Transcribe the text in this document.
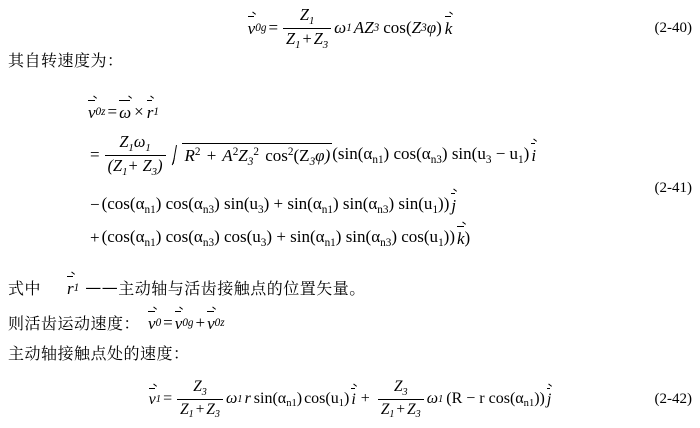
v $0g = \frac{Z1}{Z1 + Z3}$ ω 1 A Z 3 cos ( Z 3 φ ) k	(2-40)
其自转速度为：
v 0z = ω × r 1
= $\frac{Z1\omega 1}{(Z1+ Z3)} R2 + A2Z32$ cos2(Z3φ) (sin(αn1) cos(αn3) sin(u3 − u1) i
− (cos(αn1) cos(αn3) sin(u3) + sin(αn1) sin(αn3) sin(u1)) j
+ (cos(αn1) cos(αn3) cos(u3) + sin(αn1) sin(αn3) cos(u1)) k )
(2-41)
式中 r 1 —— 主动轴与活齿接触点的位置矢量。
则活齿运动速度： v 0 = v 0g + v 0z
主动轴接触点处的速度：
v $1 = \frac{Z3}{Z1 + Z3}$ ω 1 r sin(αn1) cos(u1) $i + \frac{Z3}{Z1 + Z3}$ ω 1 (R − r cos(αn1)) j	(2-42)
